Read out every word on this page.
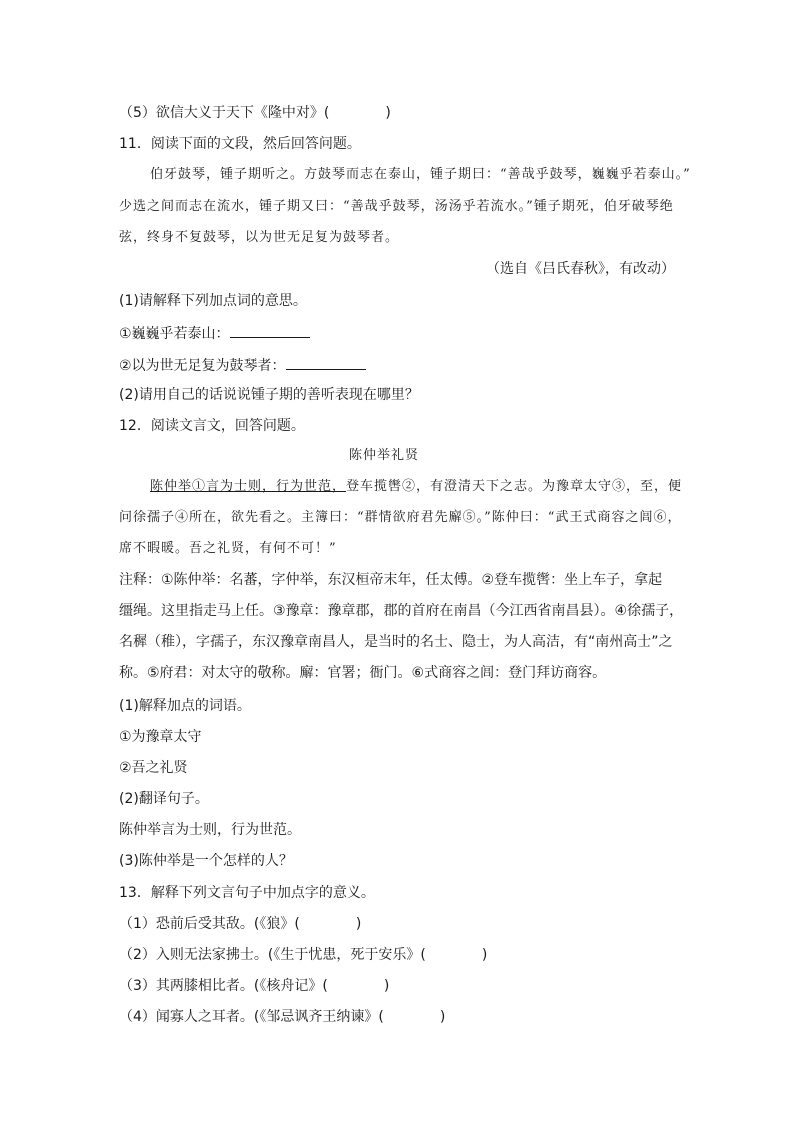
（5）欲信大义于天下《隆中对》(　　　　)
11．阅读下面的文段，然后回答问题。
伯牙鼓琴，锺子期听之。方鼓琴而志在泰山，锺子期曰：“善哉乎鼓琴，巍巍乎若泰山。”
少选之间而志在流水，锺子期又曰：“善哉乎鼓琴，汤汤乎若流水。”锺子期死，伯牙破琴绝
弦，终身不复鼓琴，以为世无足复为鼓琴者。
（选自《吕氏春秋》，有改动）
(1)请解释下列加点词的意思。
①巍巍乎若泰山：
②以为世无足复为鼓琴者：
(2)请用自己的话说说锺子期的善听表现在哪里？
12．阅读文言文，回答问题。
陈仲举礼贤
陈仲举①言为士则，行为世范，登车揽辔②，有澄清天下之志。为豫章太守③，至，便
问徐孺子④所在，欲先看之。主簿曰：“群情欲府君先廨⑤。”陈仲曰：“武王式商容之闾⑥，
席不暇暖。吾之礼贤，有何不可！”
注释：①陈仲举：名蕃，字仲举，东汉桓帝末年，任太傅。②登车揽辔：坐上车子，拿起
缰绳。这里指走马上任。③豫章：豫章郡，郡的首府在南昌（今江西省南昌县）。④徐孺子，
名穉（稚），字孺子，东汉豫章南昌人，是当时的名士、隐士，为人高洁，有“南州高士”之
称。⑤府君：对太守的敬称。廨：官署；衙门。⑥式商容之闾：登门拜访商容。
(1)解释加点的词语。
①为豫章太守
②吾之礼贤
(2)翻译句子。
陈仲举言为士则，行为世范。
(3)陈仲举是一个怎样的人？
13．解释下列文言句子中加点字的意义。
（1）恐前后受其敌。(《狼》(　　　　)
（2）入则无法家拂士。(《生于忧患，死于安乐》(　　　　)
（3）其两膝相比者。(《核舟记》(　　　　)
（4）闻寡人之耳者。(《邹忌讽齐王纳谏》(　　　　)
